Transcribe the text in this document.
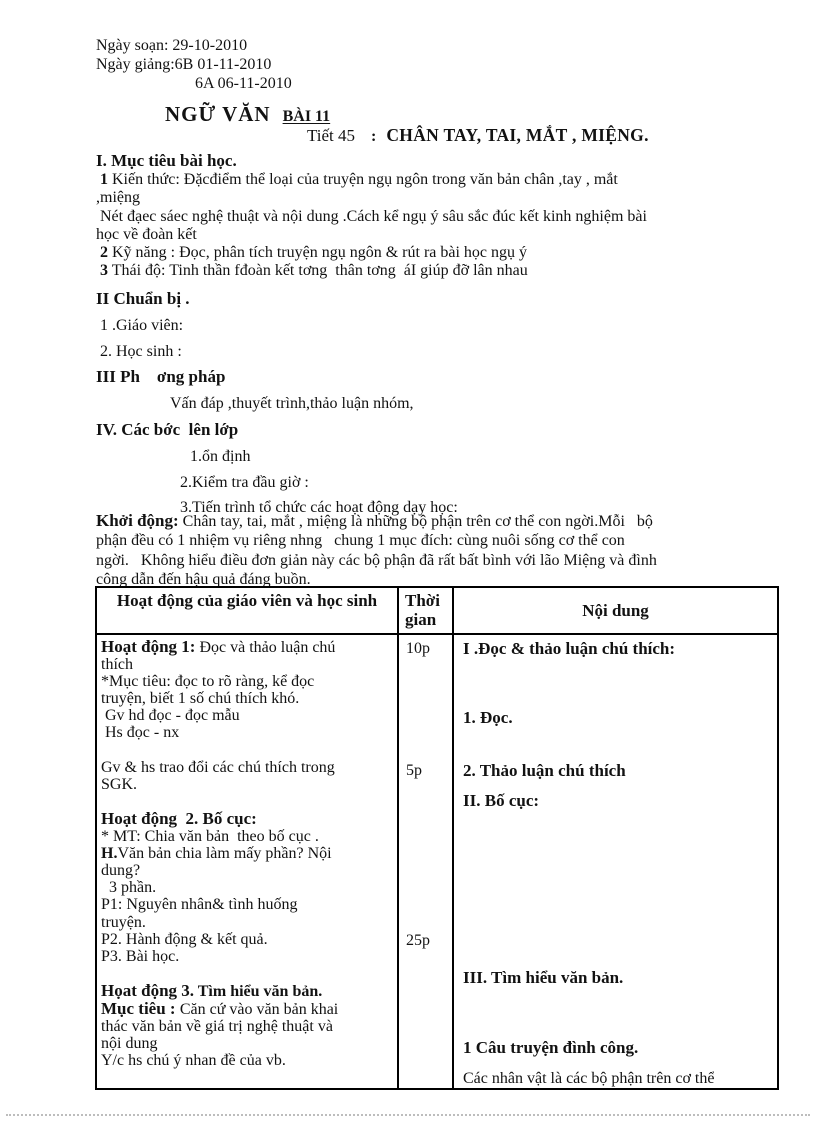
Ngày soạn: 29-10-2010
Ngày giảng:6B 01-11-2010
6A 06-11-2010
NGỮ VĂN BÀI 11
Tiết 45 : CHÂN TAY, TAI, MẮT , MIỆNG.
I. Mục tiêu bài học.
1 Kiến thức: Đặcđiểm thể loại của truyện ngụ ngôn trong văn bản chân ,tay , mắt
,miệng
Nét đạec sáec nghệ thuật và nội dung .Cách kể ngụ ý sâu sắc đúc kết kinh nghiệm bài
học về đoàn kết
2 Kỹ năng : Đọc, phân tích truyện ngụ ngôn & rút ra bài học ngụ ý
3 Thái độ: Tinh thần fđoàn kết tơng  thân tơng  áI giúp đỡ lân nhau
II Chuẩn bị .
1 .Giáo viên:
2. Học sinh :
III Ph    ơng pháp
Vấn đáp ,thuyết trình,thảo luận nhóm,
IV. Các bớc  lên lớp
1.ổn định
2.Kiểm tra đầu giờ :
3.Tiến trình tổ chức các hoạt động dạy học:
Khởi động: Chân tay, tai, mắt , miệng là những bộ phận trên cơ thể con ngời.Mỗi   bộ
phận đều có 1 nhiệm vụ riêng nhng   chung 1 mục đích: cùng nuôi sống cơ thể con
ngời.   Không hiểu điều đơn giản này các bộ phận đã rất bất bình với lão Miệng và đình
công dẫn đến hậu quả đáng buồn.
Hoạt động của giáo viên và học sinh	Thời gian	Nội dung
Hoạt động 1: Đọc và thảo luận chú
thích
*Mục tiêu: đọc to rõ ràng, kể đọc
truyện, biết 1 số chú thích khó.
Gv hd đọc - đọc mẫu
Hs đọc - nx
Gv & hs trao đổi các chú thích trong
SGK.
Hoạt động  2. Bố cục:
* MT: Chia văn bản  theo bố cục .
H.Văn bản chia làm mấy phần? Nội
dung?
3 phần.
P1: Nguyên nhân& tình huống
truyện.
P2. Hành động & kết quả.
P3. Bài học.
Họat động 3. Tìm hiểu văn bản.
Mục tiêu : Căn cứ vào văn bản khai
thác văn bản về giá trị nghệ thuật và
nội dung
Y/c hs chú ý nhan đề của vb.
10p
5p
25p
I .Đọc & thảo luận chú thích:
1. Đọc.
2. Thảo luận chú thích
II. Bố cục:
III. Tìm hiểu văn bản.
1 Câu truyện đình công.
Các nhân vật là các bộ phận trên cơ thể
